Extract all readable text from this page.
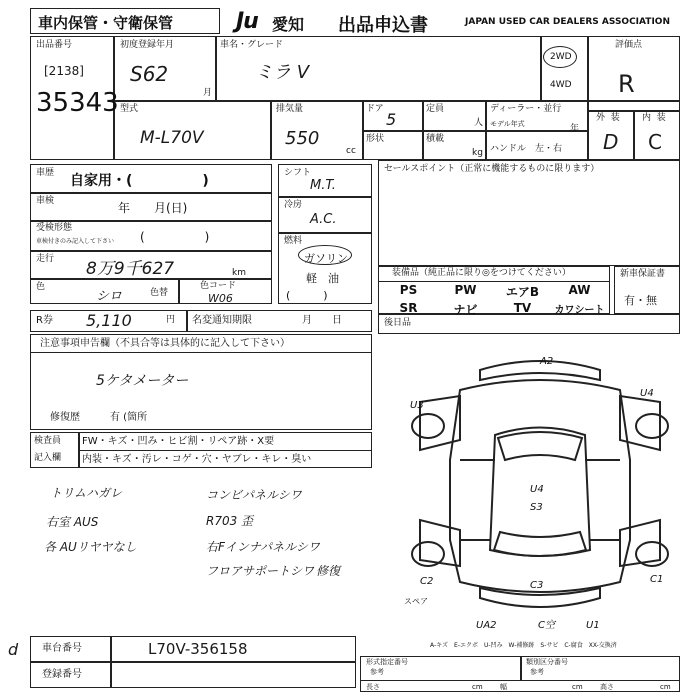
車内保管・守衛保管	Ju 愛知 出品申込書	JAPAN USED CAR DEALERS ASSOCIATION
出品番号
[2138]
35343
初度登録年月
S62
月
車名・グレード
ミラ V
2WD
4WD
評価点
R
外 装 内 装
D C
型式
M-L70V
排気量
550
cc
ドア
5
定員
人
形状	積載
kg
ディーラー・並行
モデル年式	年
ハンドル　左・右
車歴 自家用・(　　　　　)
車検	年　　月(日)
受検形態
車検付きのみ記入して下さい (　　　　　)
走行 8万9千627	km
色
シロ	色替
色コード
W06
シフト
M.T.
冷房
A.C.
燃料
ガソリン
軽　油
(　　　)
セールスポイント（正常に機能するものに限ります）
装備品（純正品に限り◎をつけてください）
PS	PW	エアB	AW
SR	ナビ	TV	カワシート
新車保証書
有・無
R券 5,110	円 名変通知期限	月　　日	後日品
注意事項申告欄（不具合等は具体的に記入して下さい）
5ケタメーター
修復歴	有 (箇所
検査員
記入欄
FW・キズ・凹み・ヒビ割・リペア跡・X要
内装・キズ・汚レ・コゲ・穴・ヤブレ・キレ・臭い
トリムハガレ	コンビパネルシワ
右室 AUS	R703 歪
各 AUリヤヤなし	右Fインナパネルシワ
フロアサポートシワ 修復
A2
U3
U4
U4
S3
C2	C3
C1
スペア
UA2	C空	U1
A-キズ　E-エクボ　U-凹み　W-補修跡　S-サビ　C-腐食　XX-交換済
車台番号	L70V-356158
登録番号
d
形式指定番号
参考
類別区分番号
参考
長さ	cm 幅	cm 高さ	cm
